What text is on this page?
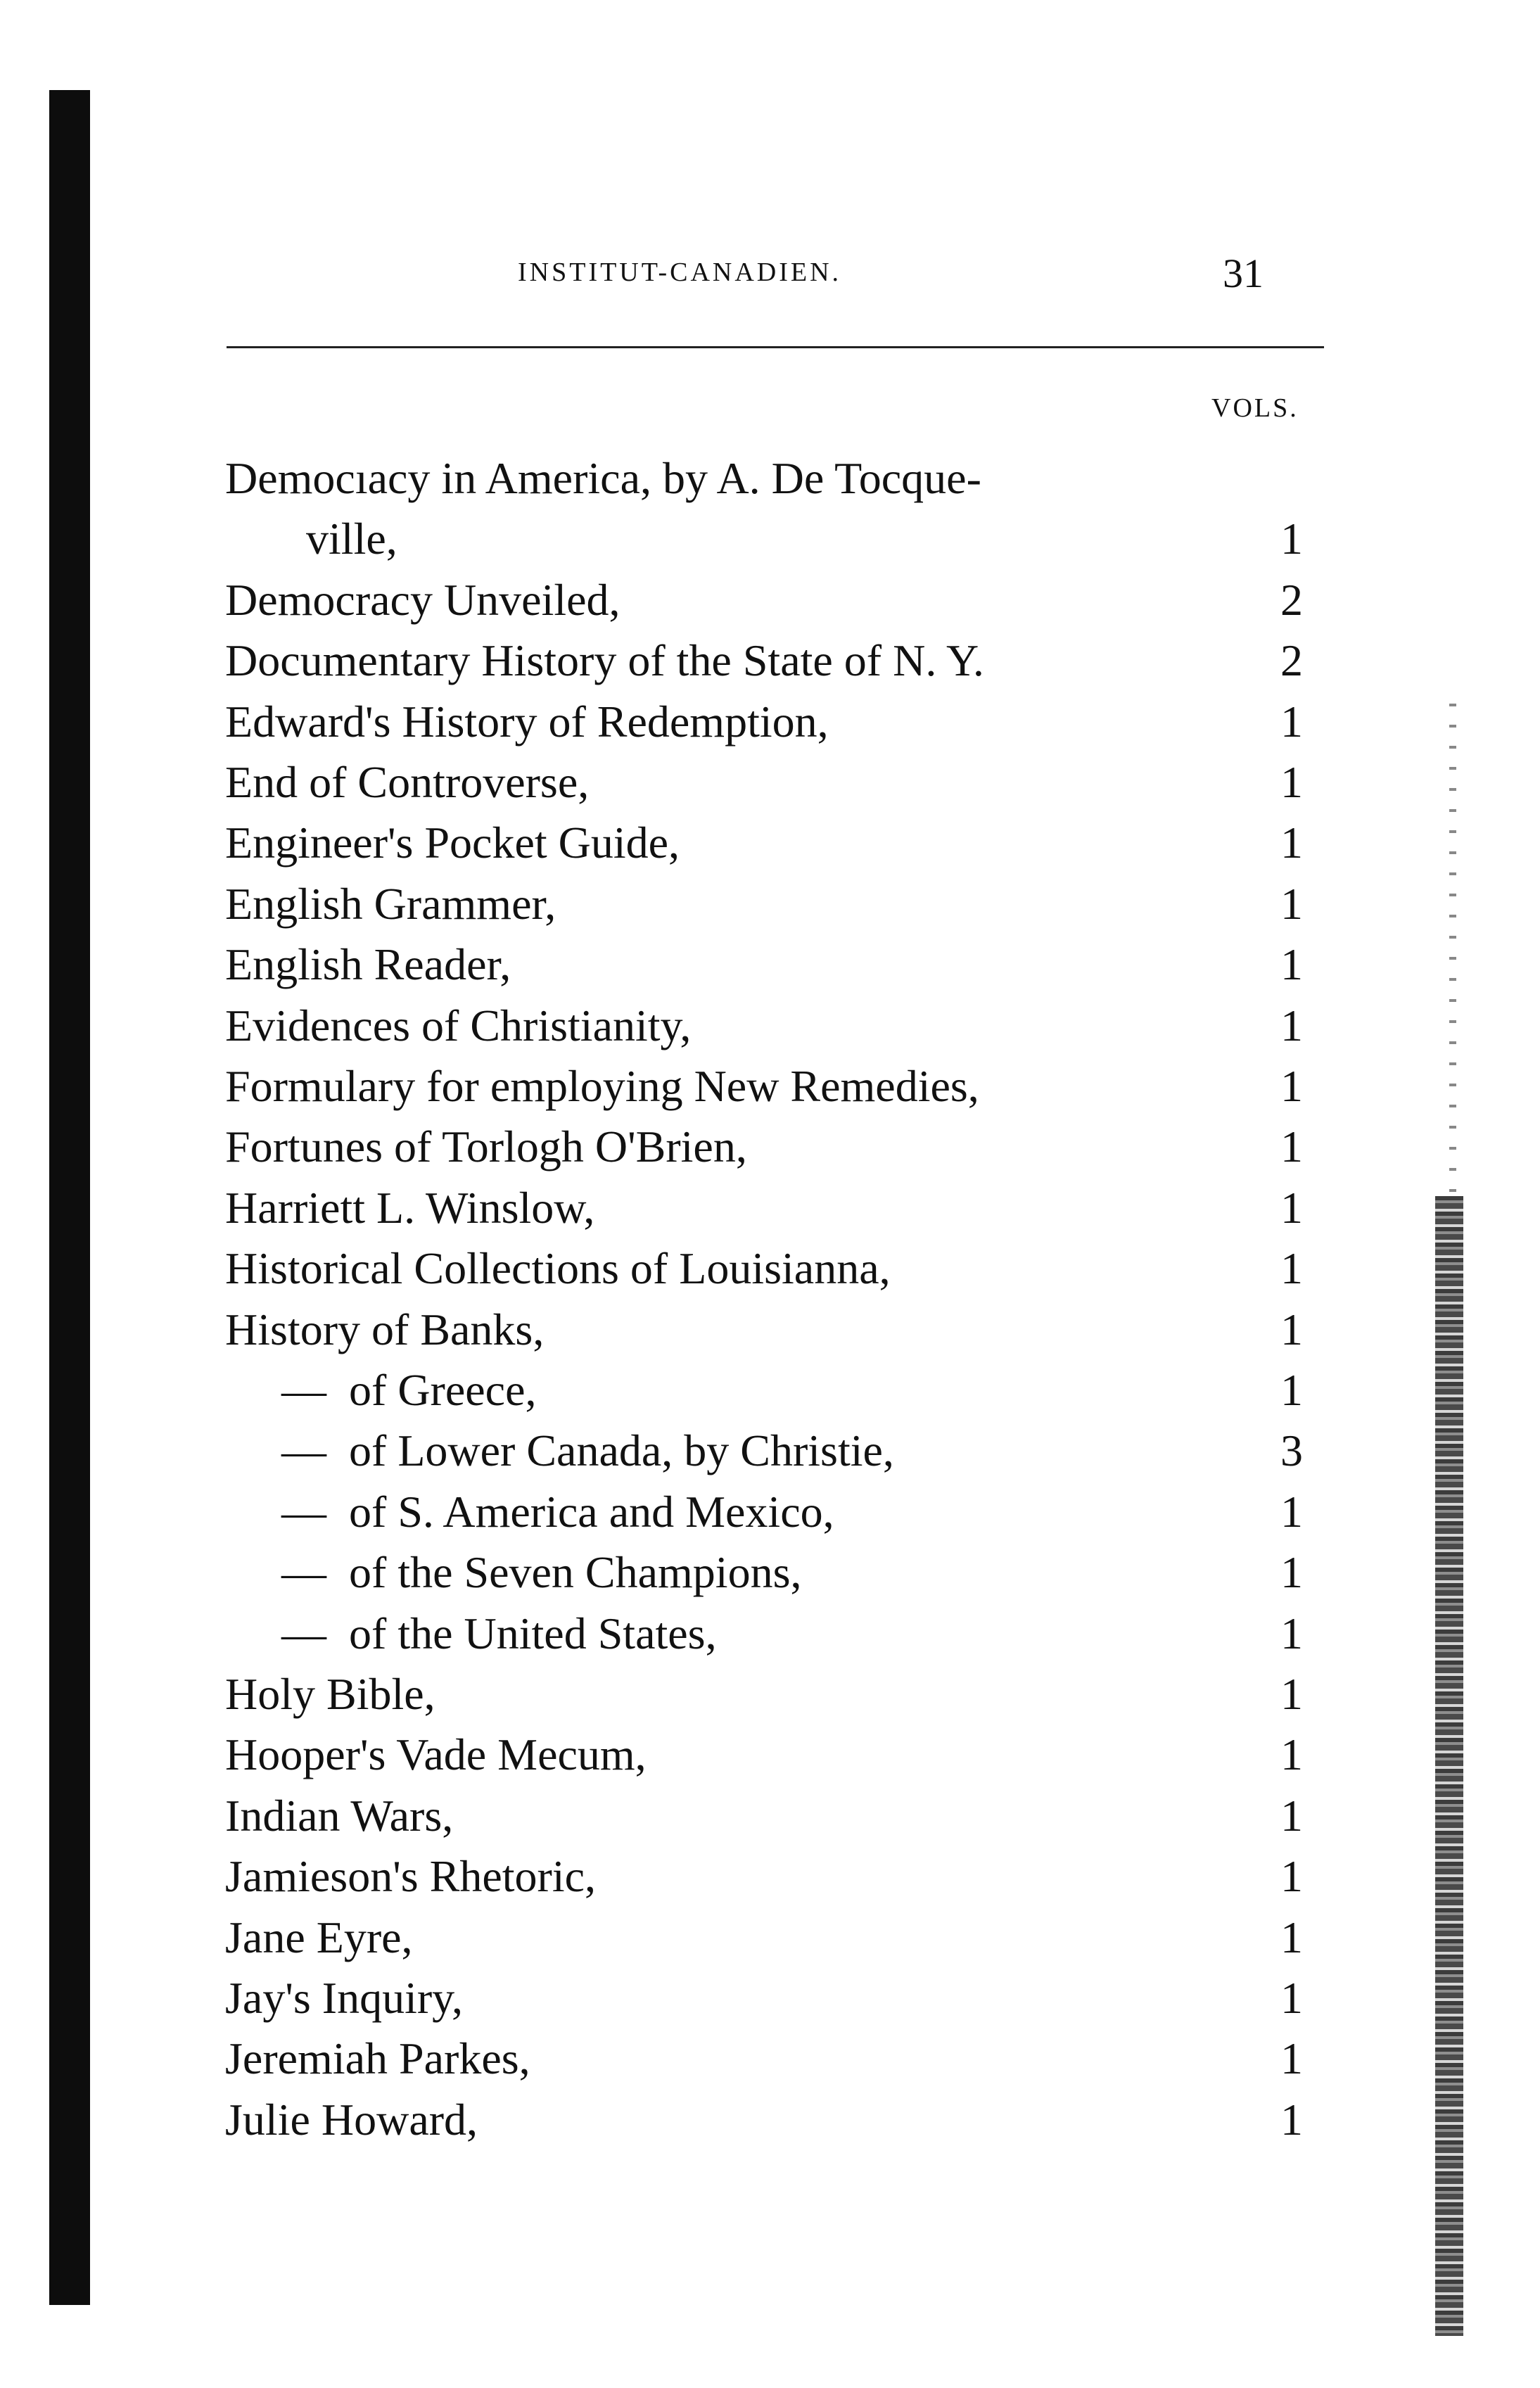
INSTITUT-CANADIEN.	31
VOLS.
Democıacy in America, by A. De Tocque-
ville,	1
Democracy Unveiled,	2
Documentary History of the State of N. Y.	2
Edward's History of Redemption,	1
End of Controverse,	1
Engineer's Pocket Guide,	1
English Grammer,	1
English Reader,	1
Evidences of Christianity,	1
Formulary for employing New Remedies,	1
Fortunes of Torlogh O'Brien,	1
Harriett L. Winslow,	1
Historical Collections of Louisianna,	1
History of Banks,	1
—  of Greece,	1
—  of Lower Canada, by Christie,	3
—  of S. America and Mexico,	1
—  of the Seven Champions,	1
—  of the United States,	1
Holy Bible,	1
Hooper's Vade Mecum,	1
Indian Wars,	1
Jamieson's Rhetoric,	1
Jane Eyre,	1
Jay's Inquiry,	1
Jeremiah Parkes,	1
Julie Howard,	1
